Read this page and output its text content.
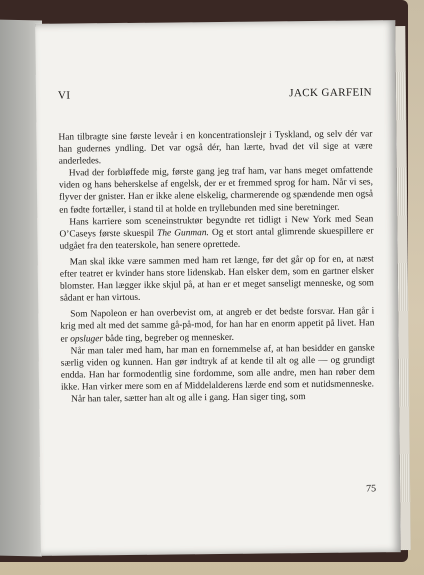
VI	JACK GARFEIN

Han tilbragte sine første leveår i en koncentrationslejr i Tyskland, og selv dér var han gudernes yndling. Det var også dér, han lærte, hvad det vil sige at være anderledes.

Hvad der forbløffede mig, første gang jeg traf ham, var hans meget omfattende viden og hans beherskelse af engelsk, der er et fremmed sprog for ham. Når vi ses, flyver der gnister. Han er ikke alene elskelig, charmerende og spændende men også en fødte fortæller, i stand til at holde en tryllebunden med sine beretninger.

Hans karriere som sceneinstruktør begyndte ret tidligt i New York med Sean O’Caseys første skuespil The Gunman. Og et stort antal glimrende skuespillere er udgået fra den teaterskole, han senere oprettede.

Man skal ikke være sammen med ham ret længe, før det går op for en, at næst efter teatret er kvinder hans store lidenskab. Han elsker dem, som en gartner elsker blomster. Han lægger ikke skjul på, at han er et meget sanseligt menneske, og som sådant er han virtous.

Som Napoleon er han overbevist om, at angreb er det bedste forsvar. Han går i krig med alt med det samme gå-på-mod, for han har en enorm appetit på livet. Han er opsluger både ting, begreber og mennesker.

Når man taler med ham, har man en fornemmelse af, at han besidder en ganske særlig viden og kunnen. Han gør indtryk af at kende til alt og alle — og grundigt endda. Han har formodentlig sine fordomme, som alle andre, men han røber dem ikke. Han virker mere som en af Middelalderens lærde end som et nutidsmenneske.

Når han taler, sætter han alt og alle i gang. Han siger ting, som

75
